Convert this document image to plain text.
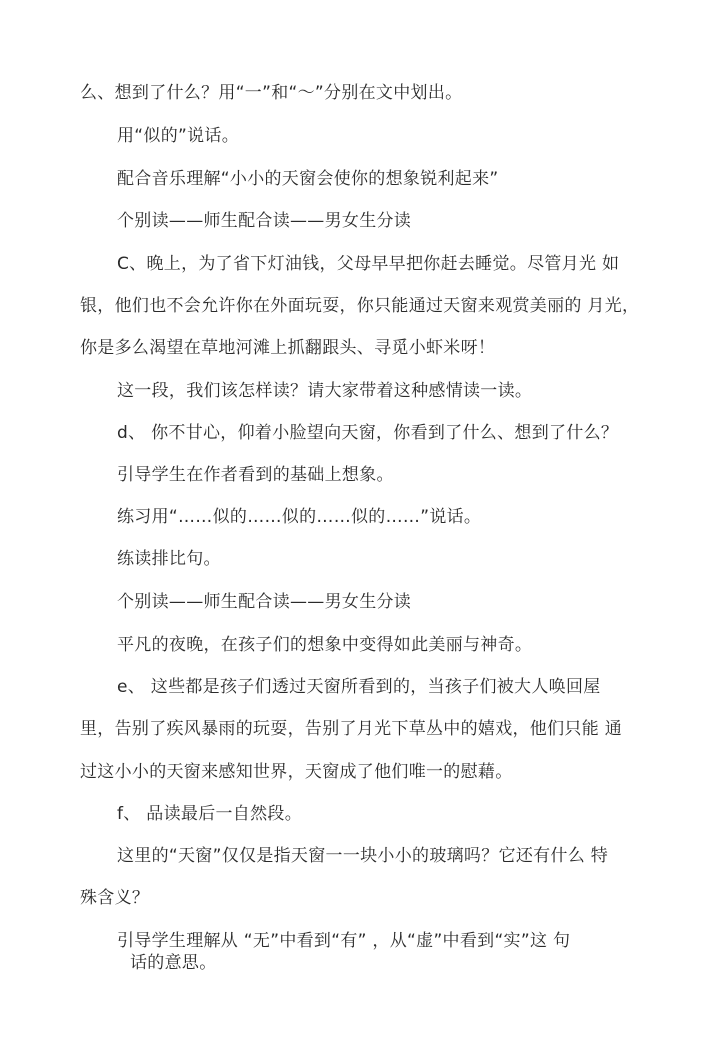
么、想到了什么？用“一”和“～”分别在文中划出。
用“似的”说话。
配合音乐理解“小小的天窗会使你的想象锐利起来”
个别读——师生配合读——男女生分读
C、晚上，为了省下灯油钱，父母早早把你赶去睡觉。尽管月光 如
银，他们也不会允许你在外面玩耍，你只能通过天窗来观赏美丽的 月光，
你是多么渴望在草地河滩上抓翻跟头、寻觅小虾米呀！
这一段，我们该怎样读？请大家带着这种感情读一读。
d、 你不甘心，仰着小脸望向天窗，你看到了什么、想到了什么？
引导学生在作者看到的基础上想象。
练习用“……似的……似的……似的……”说话。
练读排比句。
个别读——师生配合读——男女生分读
平凡的夜晚，在孩子们的想象中变得如此美丽与神奇。
e、 这些都是孩子们透过天窗所看到的，当孩子们被大人唤回屋
里，告别了疾风暴雨的玩耍，告别了月光下草丛中的嬉戏，他们只能 通
过这小小的天窗来感知世界，天窗成了他们唯一的慰藉。
f、 品读最后一自然段。
这里的“天窗”仅仅是指天窗一一块小小的玻璃吗？它还有什么 特
殊含义？
引导学生理解从 “无”中看到“有” ，从“虚”中看到“实”这 句
话的意思。
